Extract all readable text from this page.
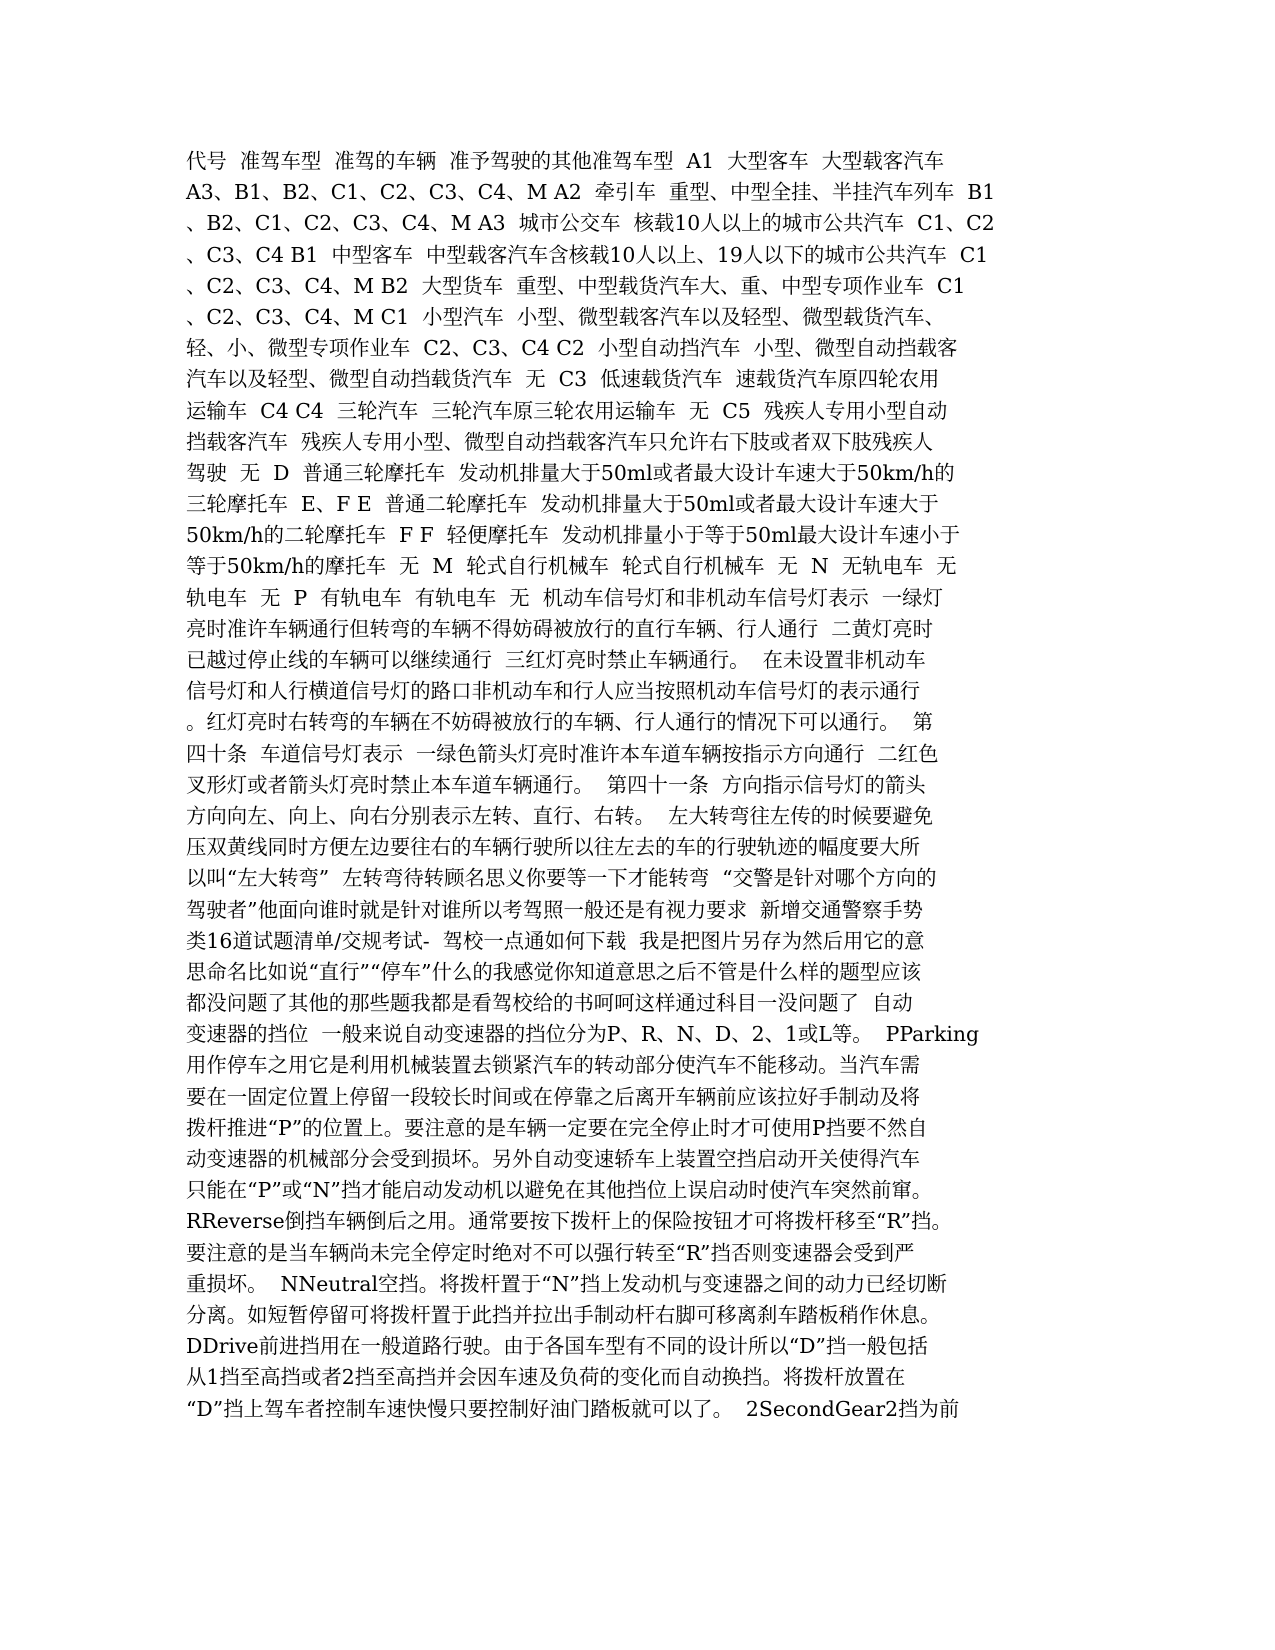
代号  准驾车型  准驾的车辆  准予驾驶的其他准驾车型  A1  大型客车  大型载客汽车
A3、B1、B2、C1、C2、C3、C4、M A2  牵引车  重型、中型全挂、半挂汽车列车  B1
、B2、C1、C2、C3、C4、M A3  城市公交车  核载10人以上的城市公共汽车  C1、C2
、C3、C4 B1  中型客车  中型载客汽车含核载10人以上、19人以下的城市公共汽车  C1
、C2、C3、C4、M B2  大型货车  重型、中型载货汽车大、重、中型专项作业车  C1
、C2、C3、C4、M C1  小型汽车  小型、微型载客汽车以及轻型、微型载货汽车、
轻、小、微型专项作业车  C2、C3、C4 C2  小型自动挡汽车  小型、微型自动挡载客
汽车以及轻型、微型自动挡载货汽车  无  C3  低速载货汽车  速载货汽车原四轮农用
运输车  C4 C4  三轮汽车  三轮汽车原三轮农用运输车  无  C5  残疾人专用小型自动
挡载客汽车  残疾人专用小型、微型自动挡载客汽车只允许右下肢或者双下肢残疾人
驾驶  无  D  普通三轮摩托车  发动机排量大于50ml或者最大设计车速大于50km/h的
三轮摩托车  E、F E  普通二轮摩托车  发动机排量大于50ml或者最大设计车速大于
50km/h的二轮摩托车  F F  轻便摩托车  发动机排量小于等于50ml最大设计车速小于
等于50km/h的摩托车  无  M  轮式自行机械车  轮式自行机械车  无  N  无轨电车  无
轨电车  无  P  有轨电车  有轨电车  无  机动车信号灯和非机动车信号灯表示  一绿灯
亮时准许车辆通行但转弯的车辆不得妨碍被放行的直行车辆、行人通行  二黄灯亮时
已越过停止线的车辆可以继续通行  三红灯亮时禁止车辆通行。  在未设置非机动车
信号灯和人行横道信号灯的路口非机动车和行人应当按照机动车信号灯的表示通行
。红灯亮时右转弯的车辆在不妨碍被放行的车辆、行人通行的情况下可以通行。  第
四十条  车道信号灯表示  一绿色箭头灯亮时准许本车道车辆按指示方向通行  二红色
叉形灯或者箭头灯亮时禁止本车道车辆通行。  第四十一条  方向指示信号灯的箭头
方向向左、向上、向右分别表示左转、直行、右转。  左大转弯往左传的时候要避免
压双黄线同时方便左边要往右的车辆行驶所以往左去的车的行驶轨迹的幅度要大所
以叫“左大转弯”  左转弯待转顾名思义你要等一下才能转弯  “交警是针对哪个方向的
驾驶者”他面向谁时就是针对谁所以考驾照一般还是有视力要求  新增交通警察手势
类16道试题清单/交规考试-  驾校一点通如何下载  我是把图片另存为然后用它的意
思命名比如说“直行”“停车”什么的我感觉你知道意思之后不管是什么样的题型应该
都没问题了其他的那些题我都是看驾校给的书呵呵这样通过科目一没问题了  自动
变速器的挡位  一般来说自动变速器的挡位分为P、R、N、D、2、1或L等。  PParking
用作停车之用它是利用机械装置去锁紧汽车的转动部分使汽车不能移动。当汽车需
要在一固定位置上停留一段较长时间或在停靠之后离开车辆前应该拉好手制动及将
拨杆推进“P”的位置上。要注意的是车辆一定要在完全停止时才可使用P挡要不然自
动变速器的机械部分会受到损坏。另外自动变速轿车上装置空挡启动开关使得汽车
只能在“P”或“N”挡才能启动发动机以避免在其他挡位上误启动时使汽车突然前窜。
RReverse倒挡车辆倒后之用。通常要按下拨杆上的保险按钮才可将拨杆移至“R”挡。
要注意的是当车辆尚未完全停定时绝对不可以强行转至“R”挡否则变速器会受到严
重损坏。  NNeutral空挡。将拨杆置于“N”挡上发动机与变速器之间的动力已经切断
分离。如短暂停留可将拨杆置于此挡并拉出手制动杆右脚可移离刹车踏板稍作休息。
DDrive前进挡用在一般道路行驶。由于各国车型有不同的设计所以“D”挡一般包括
从1挡至高挡或者2挡至高挡并会因车速及负荷的变化而自动换挡。将拨杆放置在
“D”挡上驾车者控制车速快慢只要控制好油门踏板就可以了。  2SecondGear2挡为前
